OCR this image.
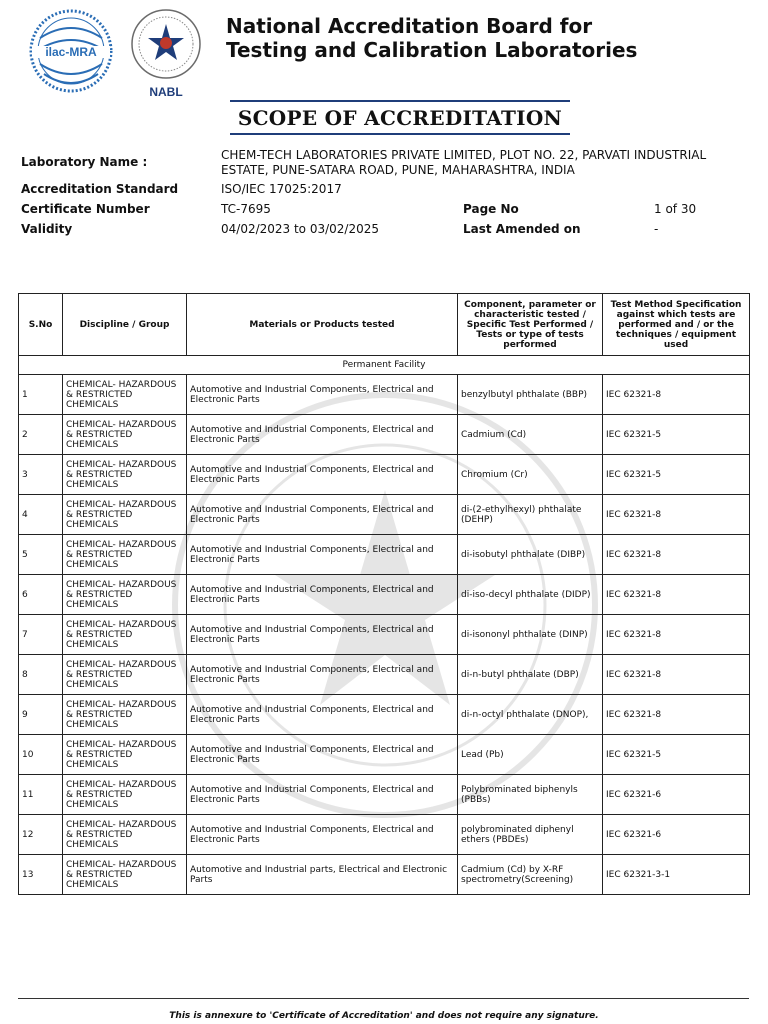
ilac-MRA
NABL
National Accreditation Board for
Testing and Calibration Laboratories
SCOPE OF ACCREDITATION
Laboratory Name :	CHEM-TECH LABORATORIES PRIVATE LIMITED, PLOT NO. 22, PARVATI INDUSTRIAL
ESTATE, PUNE-SATARA ROAD, PUNE, MAHARASHTRA, INDIA
Accreditation Standard	ISO/IEC 17025:2017
Certificate Number	TC-7695	Page No	1 of 30
Validity	04/02/2023 to 03/02/2025	Last Amended on	-
S.No	Discipline / Group	Materials or Products tested	Component, parameter or characteristic tested / Specific Test Performed / Tests or type of tests performed	Test Method Specification against which tests are performed and / or the techniques / equipment used
Permanent Facility				
1	CHEMICAL- HAZARDOUS & RESTRICTED CHEMICALS	Automotive and Industrial Components, Electrical and Electronic Parts	benzylbutyl phthalate (BBP)	IEC 62321-8
2	CHEMICAL- HAZARDOUS & RESTRICTED CHEMICALS	Automotive and Industrial Components, Electrical and Electronic Parts	Cadmium (Cd)	IEC 62321-5
3	CHEMICAL- HAZARDOUS & RESTRICTED CHEMICALS	Automotive and Industrial Components, Electrical and Electronic Parts	Chromium (Cr)	IEC 62321-5
4	CHEMICAL- HAZARDOUS & RESTRICTED CHEMICALS	Automotive and Industrial Components, Electrical and Electronic Parts	di-(2-ethylhexyl) phthalate (DEHP)	IEC 62321-8
5	CHEMICAL- HAZARDOUS & RESTRICTED CHEMICALS	Automotive and Industrial Components, Electrical and Electronic Parts	di-isobutyl phthalate (DIBP)	IEC 62321-8
6	CHEMICAL- HAZARDOUS & RESTRICTED CHEMICALS	Automotive and Industrial Components, Electrical and Electronic Parts	di-iso-decyl phthalate (DIDP)	IEC 62321-8
7	CHEMICAL- HAZARDOUS & RESTRICTED CHEMICALS	Automotive and Industrial Components, Electrical and Electronic Parts	di-isononyl phthalate (DINP)	IEC 62321-8
8	CHEMICAL- HAZARDOUS & RESTRICTED CHEMICALS	Automotive and Industrial Components, Electrical and Electronic Parts	di-n-butyl phthalate (DBP)	IEC 62321-8
9	CHEMICAL- HAZARDOUS & RESTRICTED CHEMICALS	Automotive and Industrial Components, Electrical and Electronic Parts	di-n-octyl phthalate (DNOP),	IEC 62321-8
10	CHEMICAL- HAZARDOUS & RESTRICTED CHEMICALS	Automotive and Industrial Components, Electrical and Electronic Parts	Lead (Pb)	IEC 62321-5
11	CHEMICAL- HAZARDOUS & RESTRICTED CHEMICALS	Automotive and Industrial Components, Electrical and Electronic Parts	Polybrominated biphenyls (PBBs)	IEC 62321-6
12	CHEMICAL- HAZARDOUS & RESTRICTED CHEMICALS	Automotive and Industrial Components, Electrical and Electronic Parts	polybrominated diphenyl ethers (PBDEs)	IEC 62321-6
13	CHEMICAL- HAZARDOUS & RESTRICTED CHEMICALS	Automotive and Industrial parts, Electrical and Electronic Parts	Cadmium (Cd) by X-RF spectrometry(Screening)	IEC 62321-3-1
This is annexure to 'Certificate of Accreditation' and does not require any signature.
